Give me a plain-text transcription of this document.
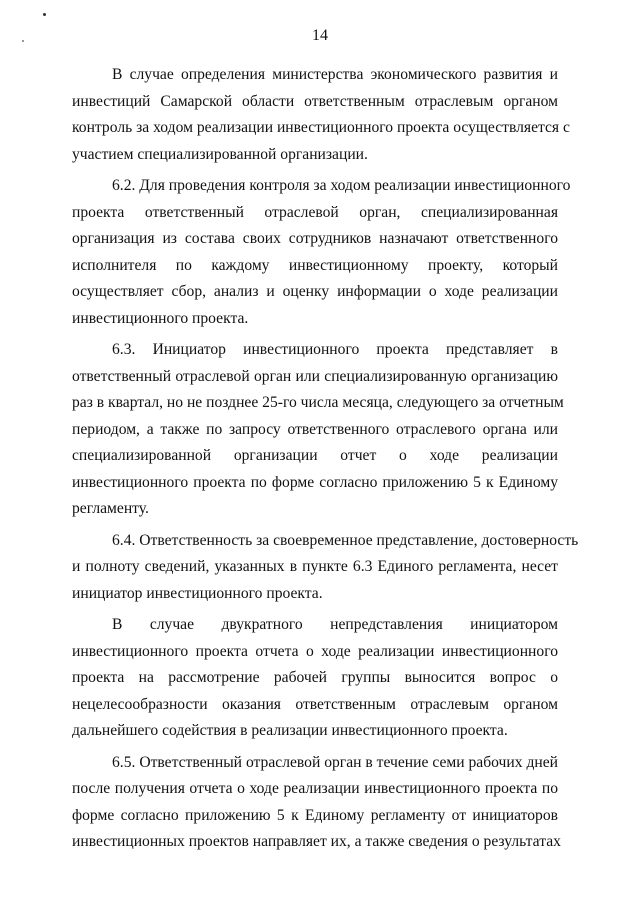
14
В случае определения министерства экономического развития и
инвестиций Самарской области ответственным отраслевым органом
контроль за ходом реализации инвестиционного проекта осуществляется с
участием специализированной организации.
6.2. Для проведения контроля за ходом реализации инвестиционного
проекта ответственный отраслевой орган, специализированная
организация из состава своих сотрудников назначают ответственного
исполнителя по каждому инвестиционному проекту, который
осуществляет сбор, анализ и оценку информации о ходе реализации
инвестиционного проекта.
6.3. Инициатор инвестиционного проекта представляет в
ответственный отраслевой орган или специализированную организацию
раз в квартал, но не позднее 25-го числа месяца, следующего за отчетным
периодом, а также по запросу ответственного отраслевого органа или
специализированной организации отчет о ходе реализации
инвестиционного проекта по форме согласно приложению 5 к Единому
регламенту.
6.4. Ответственность за своевременное представление, достоверность
и полноту сведений, указанных в пункте 6.3 Единого регламента, несет
инициатор инвестиционного проекта.
В случае двукратного непредставления инициатором
инвестиционного проекта отчета о ходе реализации инвестиционного
проекта на рассмотрение рабочей группы выносится вопрос о
нецелесообразности оказания ответственным отраслевым органом
дальнейшего содействия в реализации инвестиционного проекта.
6.5. Ответственный отраслевой орган в течение семи рабочих дней
после получения отчета о ходе реализации инвестиционного проекта по
форме согласно приложению 5 к Единому регламенту от инициаторов
инвестиционных проектов направляет их, а также сведения о результатах
